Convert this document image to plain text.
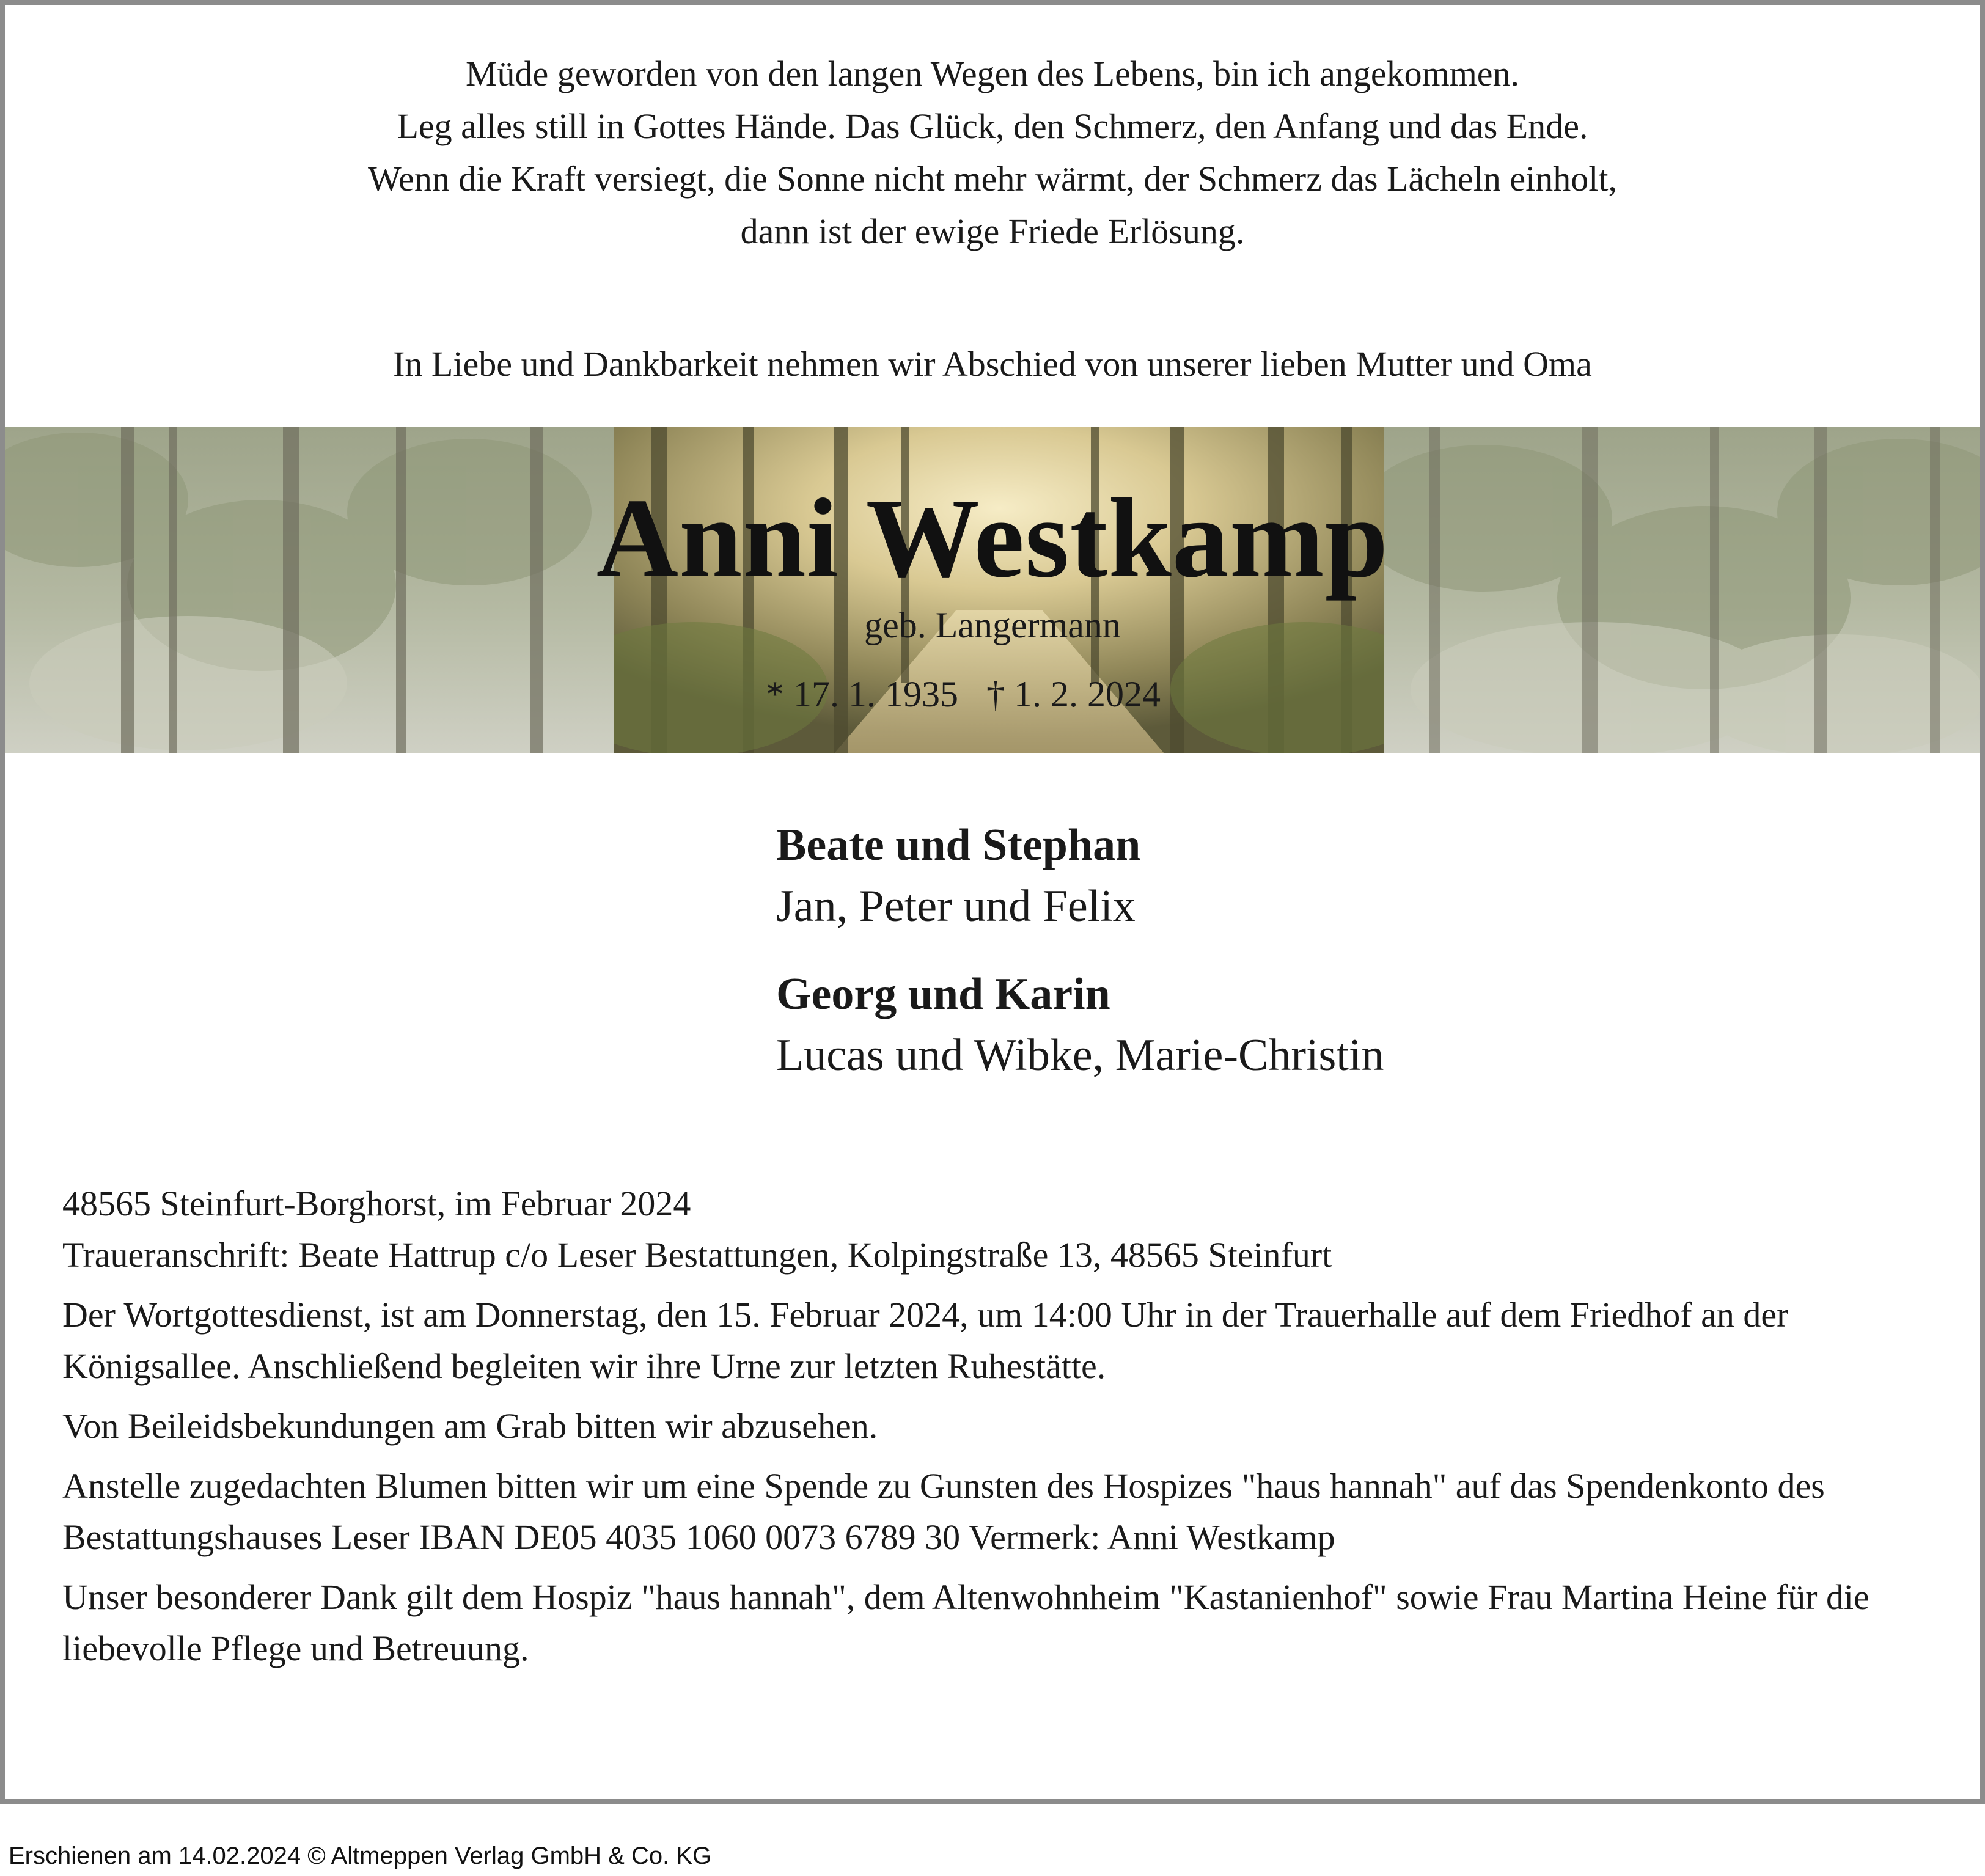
Müde geworden von den langen Wegen des Lebens, bin ich angekommen.
Leg alles still in Gottes Hände. Das Glück, den Schmerz, den Anfang und das Ende.
Wenn die Kraft versiegt, die Sonne nicht mehr wärmt, der Schmerz das Lächeln einholt,
dann ist der ewige Friede Erlösung.
In Liebe und Dankbarkeit nehmen wir Abschied von unserer lieben Mutter und Oma
Anni Westkamp
geb. Langermann
* 17. 1. 1935 † 1. 2. 2024
Beate und Stephan
Jan, Peter und Felix
Georg und Karin
Lucas und Wibke, Marie-Christin

48565 Steinfurt-Borghorst, im Februar 2024

Traueranschrift: Beate Hattrup c/o Leser Bestattungen, Kolpingstraße 13, 48565 Steinfurt

Der Wortgottesdienst, ist am Donnerstag, den 15. Februar 2024, um 14:00 Uhr in der Trauerhalle auf dem Friedhof an der Königsallee. Anschließend begleiten wir ihre Urne zur letzten Ruhestätte.

Von Beileidsbekundungen am Grab bitten wir abzusehen.

Anstelle zugedachten Blumen bitten wir um eine Spende zu Gunsten des Hospizes "haus hannah" auf das Spendenkonto des Bestattungshauses Leser IBAN DE05 4035 1060 0073 6789 30 Vermerk: Anni Westkamp

Unser besonderer Dank gilt dem Hospiz "haus hannah", dem Altenwohnheim "Kastanienhof" sowie Frau Martina Heine für die liebevolle Pflege und Betreuung.

Erschienen am 14.02.2024 © Altmeppen Verlag GmbH & Co. KG
